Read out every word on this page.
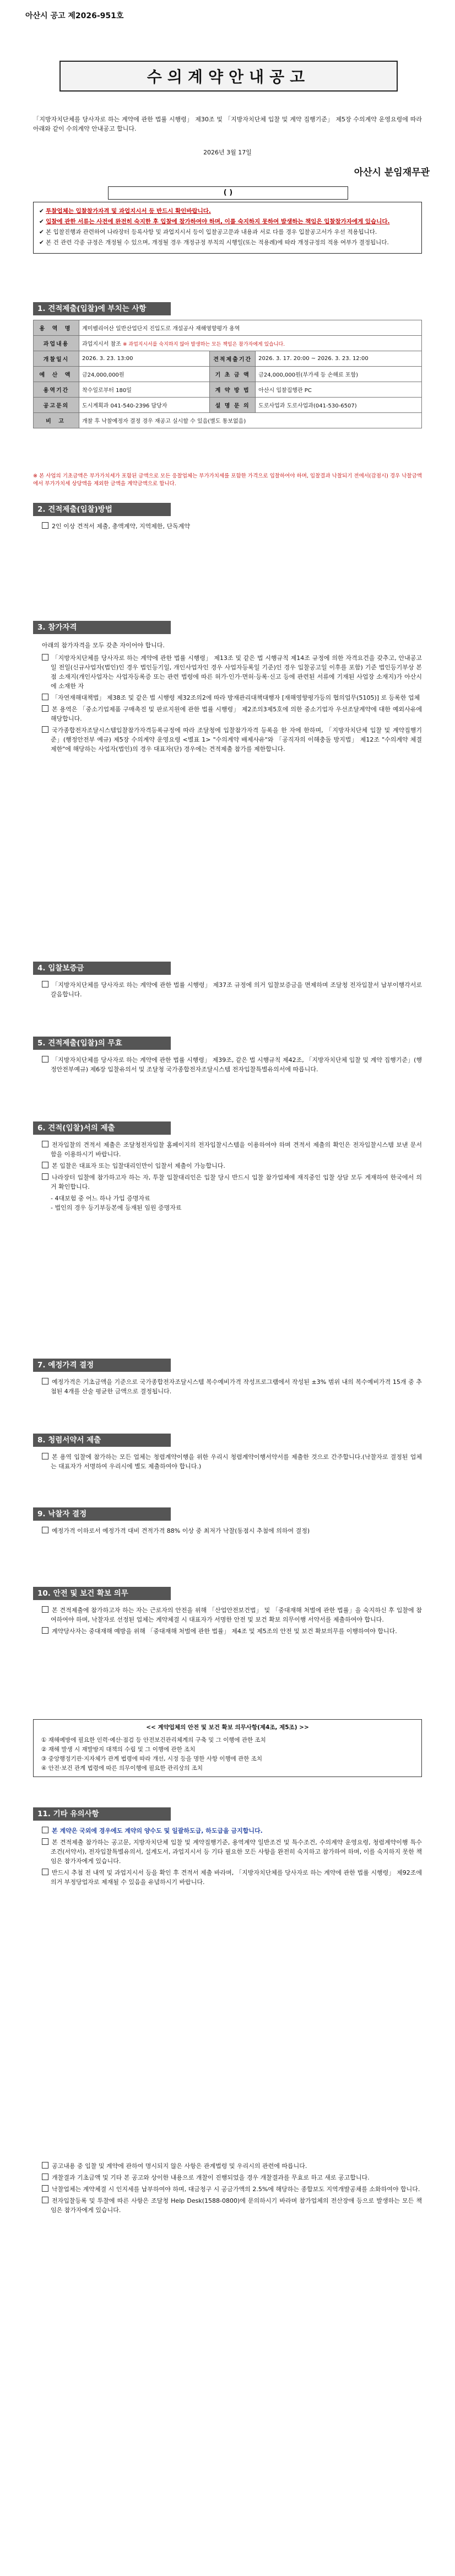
아산시 공고 제2026-951호
수의계약안내공고
「지방자치단체를 당사자로 하는 계약에 관한 법률 시행령」 제30조 및 「지방자치단체 입찰 및 계약 집행기준」 제5장 수의계약 운영요령에 따라 아래와 같이 수의계약 안내공고 합니다.
2026년 3월 17일
아산시 분임재무관
( )

✔ 투찰업체는 입찰참가자격 및 과업지시서 등 반드시 확인바랍니다.

✔ 입찰에 관한 서류는 사전에 완전히 숙지한 후 입찰에 참가하여야 하며, 이를 숙지하지 못하여 발생하는 책임은 입찰참가자에게 있습니다.

✔ 본 입찰진행과 관련하여 나라장터 등록사항 및 과업지시서 등이 입찰공고문과 내용과 서로 다를 경우 입찰공고서가 우선 적용됩니다.

✔ 본 건 관련 각종 규정은 개정될 수 있으며, 개정될 경우 개정규정 부칙의 시행일(또는 적용례)에 따라 개정규정의 적용 여부가 결정됩니다.

1. 견적제출(입찰)에 부치는 사항
용 역 명	계미벨리어산 일반산업단지 진입도로 개설공사 재해영향평가 용역		
과업내용	과업지시서 참조 ※ 과업지시서를 숙지하지 않아 발생하는 모든 책임은 참가자에게 있습니다.		
개찰일시	2026. 3. 23. 13:00	견적제출기간	2026. 3. 17. 20:00 ~ 2026. 3. 23. 12:00
예 산 액	금24,000,000원	기 초 금 액	금24,000,000원(부가세 등 손해료 포함)
용역기간	착수일로부터 180일	계 약 방 법	아산시 입찰집행관 PC
공고문의	도시계획과 041-540-2396 담당자	설 명 문 의	도로사업과 도로사업과(041-530-6507)
비 고	개찰 후 낙찰예정자 결정 경우 재공고 실시할 수 있음(별도 통보없음)		
※ 본 사업의 기초금액은 부가가치세가 포함된 금액으로 모든 응찰업체는 부가가치세를 포함한 가격으로 입찰하여야 하며, 입찰결과 낙찰되기 전에서(감점시) 경우 낙찰금액에서 부가가치세 상당액을 제외한 금액을 계약금액으로 합니다.
2. 견적제출(입찰)방법
2인 이상 견적서 제출, 총액계약, 지역제한, 단독계약
3. 참가자격

아래의 참가자격을 모두 갖춘 자이어야 합니다.

「지방자치단체를 당사자로 하는 계약에 관한 법률 시행령」 제13조 및 같은 법 시행규칙 제14조 규정에 의한 자격요건을 갖추고, 안내공고일 전일(신규사업자(법인)인 경우 법인등기일, 개인사업자인 경우 사업자등록일 기준)인 경우 입찰공고일 이후를 포함) 기준 법인등기부상 본점 소재지(개인사업자는 사업자등록증 또는 관련 법령에 따른 허가·인가·면허·등록·신고 등에 관련된 서류에 기재된 사업장 소재지)가 아산시에 소재한 자

「자연재해대책법」 제38조 및 같은 법 시행령 제32조의2에 따라 방재관리대책대행자 [재해영향평가등의 협의업무(5105)] 로 등록한 업체

본 용역은 「중소기업제품 구매촉진 및 판로지원에 관한 법률 시행령」 제2조의3제5호에 의한 중소기업자 우선조달계약에 대한 예외사유에 해당합니다.

국가종합전자조달시스템입찰참가자격등록규정에 따라 조달청에 입찰참가자격 등록을 한 자에 한하며, 「지방자치단체 입찰 및 계약집행기준」(행정안전부 예규) 제5장 수의계약 운영요령 <별표 1> "수의계약 배제사유"와 「공직자의 이해충돌 방지법」 제12조 "수의계약 체결 제한"에 해당하는 사업자(법인)의 경우 대표자(단) 경우에는 견적제출 참가를 제한합니다.

4. 입찰보증금

「지방자치단체를 당사자로 하는 계약에 관한 법률 시행령」 제37조 규정에 의거 입찰보증금을 면제하며 조달청 전자입찰서 납부이행각서로 갈음합니다.

5. 견적제출(입찰)의 무효

「지방자치단체를 당사자로 하는 계약에 관한 법률 시행령」 제39조, 같은 법 시행규칙 제42조, 「지방자치단체 입찰 및 계약 집행기준」(행정안전부예규) 제6장 입찰유의서 및 조달청 국가종합전자조달시스템 전자입찰특별유의서에 따릅니다.

6. 견적(입찰)서의 제출

전자입찰의 견적서 제출은 조달청전자입찰 홈페이지의 전자입찰시스템을 이용하여야 하며 견적서 제출의 확인은 전자입찰시스템 보낸 문서함을 이용하시기 바랍니다.

본 입찰은 대표자 또는 입찰대리인만이 입찰서 제출이 가능합니다.

나라장터 입찰에 참가하고자 하는 자, 투찰 입찰대리인은 입찰 당시 반드시 입찰 참가업체에 재직중인 입찰 상담 모두 게재하여 한국에서 의거 확인합니다.

- 4대보험 중 어느 하나 가입 증명자료

- 법인의 경우 등기부등본에 등재된 임원 증명자료

7. 예정가격 결정

예정가격은 기초금액을 기준으로 국가종합전자조달시스템 복수예비가격 작성프로그램에서 작성된 ±3% 범위 내의 복수예비가격 15개 중 추첨된 4개를 산술 평균한 금액으로 결정됩니다.

8. 청렴서약서 제출

본 용역 입찰에 참가하는 모든 업체는 청렴계약이행을 위한 우리시 청렴계약이행서약서를 제출한 것으로 간주합니다.(낙찰자로 결정된 업체는 대표자가 서명하여 우리시에 별도 제출하여야 합니다.)

9. 낙찰자 결정

예정가격 이하로서 예정가격 대비 견적가격 88% 이상 중 최저가 낙찰(동점시 추첨에 의하여 결정)

10. 안전 및 보건 확보 의무

본 견적제출에 참가하고자 하는 자는 근로자의 안전을 위해 「산업안전보건법」 및 「중대재해 처벌에 관한 법률」을 숙지하신 후 입찰에 참여하여야 하며, 낙찰자로 선정된 업체는 계약체결 시 대표자가 서명한 안전 및 보건 확보 의무이행 서약서를 제출하여야 합니다.

계약당사자는 중대재해 예방을 위해 「중대재해 처벌에 관한 법률」 제4조 및 제5조의 안전 및 보건 확보의무를 이행하여야 합니다.

<< 계약업체의 안전 및 보건 확보 의무사항(제4조, 제5조) >>
① 재해예방에 필요한 인력·예산·점검 등 안전보건관리체계의 구축 및 그 이행에 관한 조치
② 재해 발생 시 재발방지 대책의 수립 및 그 이행에 관한 조치
③ 중앙행정기관·지자체가 관계 법령에 따라 개선, 시정 등을 명한 사항 이행에 관한 조치
④ 안전·보건 관계 법령에 따른 의무이행에 필요한 관리상의 조치
11. 기타 유의사항

본 계약은 국외에 경우에도 계약의 양수도 및 일괄하도급, 하도급을 금지합니다.

본 견적제출 참가하는 공고문, 지방자치단체 입찰 및 계약집행기준, 용역계약 일반조건 및 특수조건, 수의계약 운영요령, 청렴계약이행 특수조건(서약서), 전자입찰특별유의서, 설계도서, 과업지시서 등 기타 필요한 모든 사항을 완전히 숙지하고 참가하여 하며, 이를 숙지하지 못한 책임은 참가자에게 있습니다.

반드시 추첨 전 내역 및 과업지시서 등을 확인 후 견적서 제출 바라며, 「지방자치단체를 당사자로 하는 계약에 관한 법률 시행령」 제92조에 의거 부정당업자로 제재될 수 있음을 유념하시기 바랍니다.

공고내용 중 입찰 및 계약에 관하여 명시되지 않은 사항은 관계법령 및 우리시의 관련에 따릅니다.

개찰결과 기초금액 및 기타 본 공고와 상이한 내용으로 개찰이 진행되었을 경우 개찰결과를 무효로 하고 새로 공고합니다.

낙찰업체는 계약체결 시 인지세를 납부하여야 하며, 대금청구 시 공금가액의 2.5%에 해당하는 종합보도 지역개발공채를 소화하여야 합니다.

전자입찰등록 및 투찰에 따른 사항은 조달청 Help Desk(1588-0800)에 문의하시기 바라며 참가업체의 전산장애 등으로 발생하는 모든 책임은 참가자에게 있습니다.
